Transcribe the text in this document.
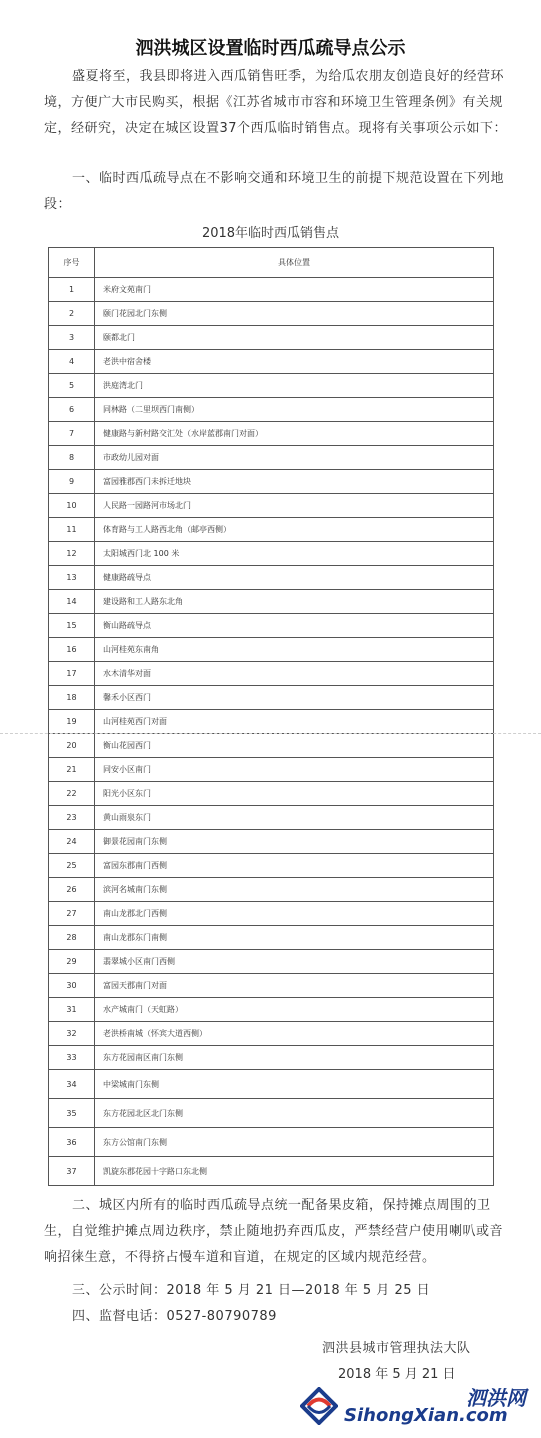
泗洪城区设置临时西瓜疏导点公示
盛夏将至，我县即将进入西瓜销售旺季，为给瓜农朋友创造良好的经营环境，方便广大市民购买，根据《江苏省城市市容和环境卫生管理条例》有关规定，经研究，决定在城区设置37个西瓜临时销售点。现将有关事项公示如下：
一、临时西瓜疏导点在不影响交通和环境卫生的前提下规范设置在下列地段：
2018年临时西瓜销售点
序号	具体位置
1	米府文苑南门
2	颐门花园北门东侧
3	颐都北门
4	老洪中宿舍楼
5	洪庭湾北门
6	同林路（二里坝西门南侧）
7	健康路与新村路交汇处（水岸蓝郡南门对面）
8	市政幼儿园对面
9	富园雅郡西门未拆迁地块
10	人民路一园路河市场北门
11	体育路与工人路西北角（邮亭西侧）
12	太阳城西门北 100 米
13	健康路疏导点
14	建设路和工人路东北角
15	衡山路疏导点
16	山河桂苑东南角
17	水木清华对面
18	馨禾小区西门
19	山河桂苑西门对面
20	衡山花园西门
21	同安小区南门
22	阳光小区东门
23	黄山雨泉东门
24	御景花园南门东侧
25	富园东郡南门西侧
26	滨河名城南门东侧
27	南山龙郡北门西侧
28	南山龙郡东门南侧
29	翡翠城小区南门西侧
30	富园天郡南门对面
31	水产城南门（天虹路）
32	老洪桥南城（怀宾大道西侧）
33	东方花园南区南门东侧
34	中梁城南门东侧
35	东方花园北区北门东侧
36	东方公馆南门东侧
37	凯旋东郡花园十字路口东北侧
二、城区内所有的临时西瓜疏导点统一配备果皮箱，保持摊点周围的卫生，自觉维护摊点周边秩序，禁止随地扔弃西瓜皮，严禁经营户使用喇叭或音响招徕生意，不得挤占慢车道和盲道，在规定的区域内规范经营。
三、公示时间：2018 年 5 月 21 日—2018 年 5 月 25 日
四、监督电话：0527-80790789
泗洪县城市管理执法大队
2018 年 5 月 21 日
泗洪网
SihongXian.com
